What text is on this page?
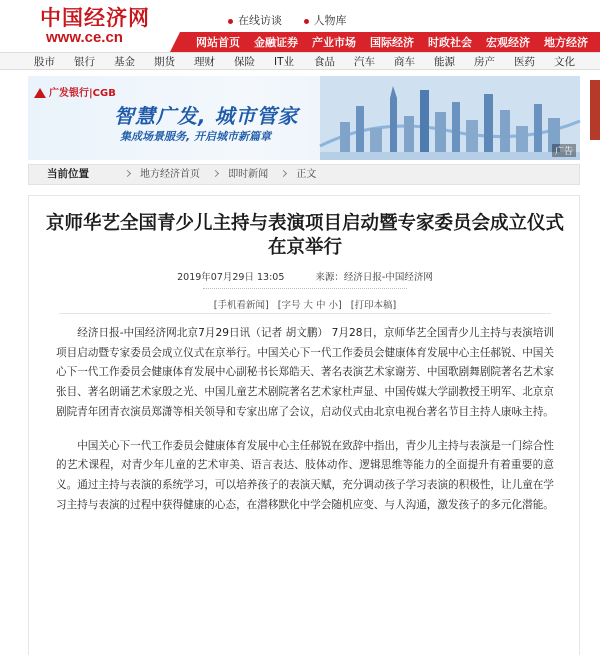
中国经济网
www.ce.cn
在线访谈	人物库
网站首页 金融证券 产业市场 国际经济 时政社会 宏观经济 地方经济 城
股市	银行	基金	期货	理财	保险	IT业	食品	汽车	商车	能源	房产	医药	文化
广发银行|CGB
智慧广发, 城市管家
集成场景服务, 开启城市新篇章
广告
当前位置	地方经济首页	即时新闻	正文
京师华艺全国青少儿主持与表演项目启动暨专家委员会成立仪式在京举行
2019年07月29日 13:05	来源：经济日报-中国经济网
[手机看新闻] [字号 大 中 小] [打印本稿]

经济日报-中国经济网北京7月29日讯（记者 胡文鹏） 7月28日，京师华艺全国青少儿主持与表演培训项目启动暨专家委员会成立仪式在京举行。中国关心下一代工作委员会健康体育发展中心主任郝锐、中国关心下一代工作委员会健康体育发展中心副秘书长郑皓天、著名表演艺术家谢芳、中国歌剧舞剧院著名艺术家张目、著名朗诵艺术家殷之光、中国儿童艺术剧院著名艺术家杜声显、中国传媒大学副教授王明军、北京京剧院青年团青衣演员郑潇等相关领导和专家出席了会议，启动仪式由北京电视台著名节目主持人康咏主持。

中国关心下一代工作委员会健康体育发展中心主任郝锐在致辞中指出，青少儿主持与表演是一门综合性的艺术课程，对青少年儿童的艺术审美、语言表达、肢体动作、逻辑思维等能力的全面提升有着重要的意义。通过主持与表演的系统学习，可以培养孩子的表演天赋，充分调动孩子学习表演的积极性，让儿童在学习主持与表演的过程中获得健康的心态，在潜移默化中学会随机应变、与人沟通，激发孩子的多元化潜能。
